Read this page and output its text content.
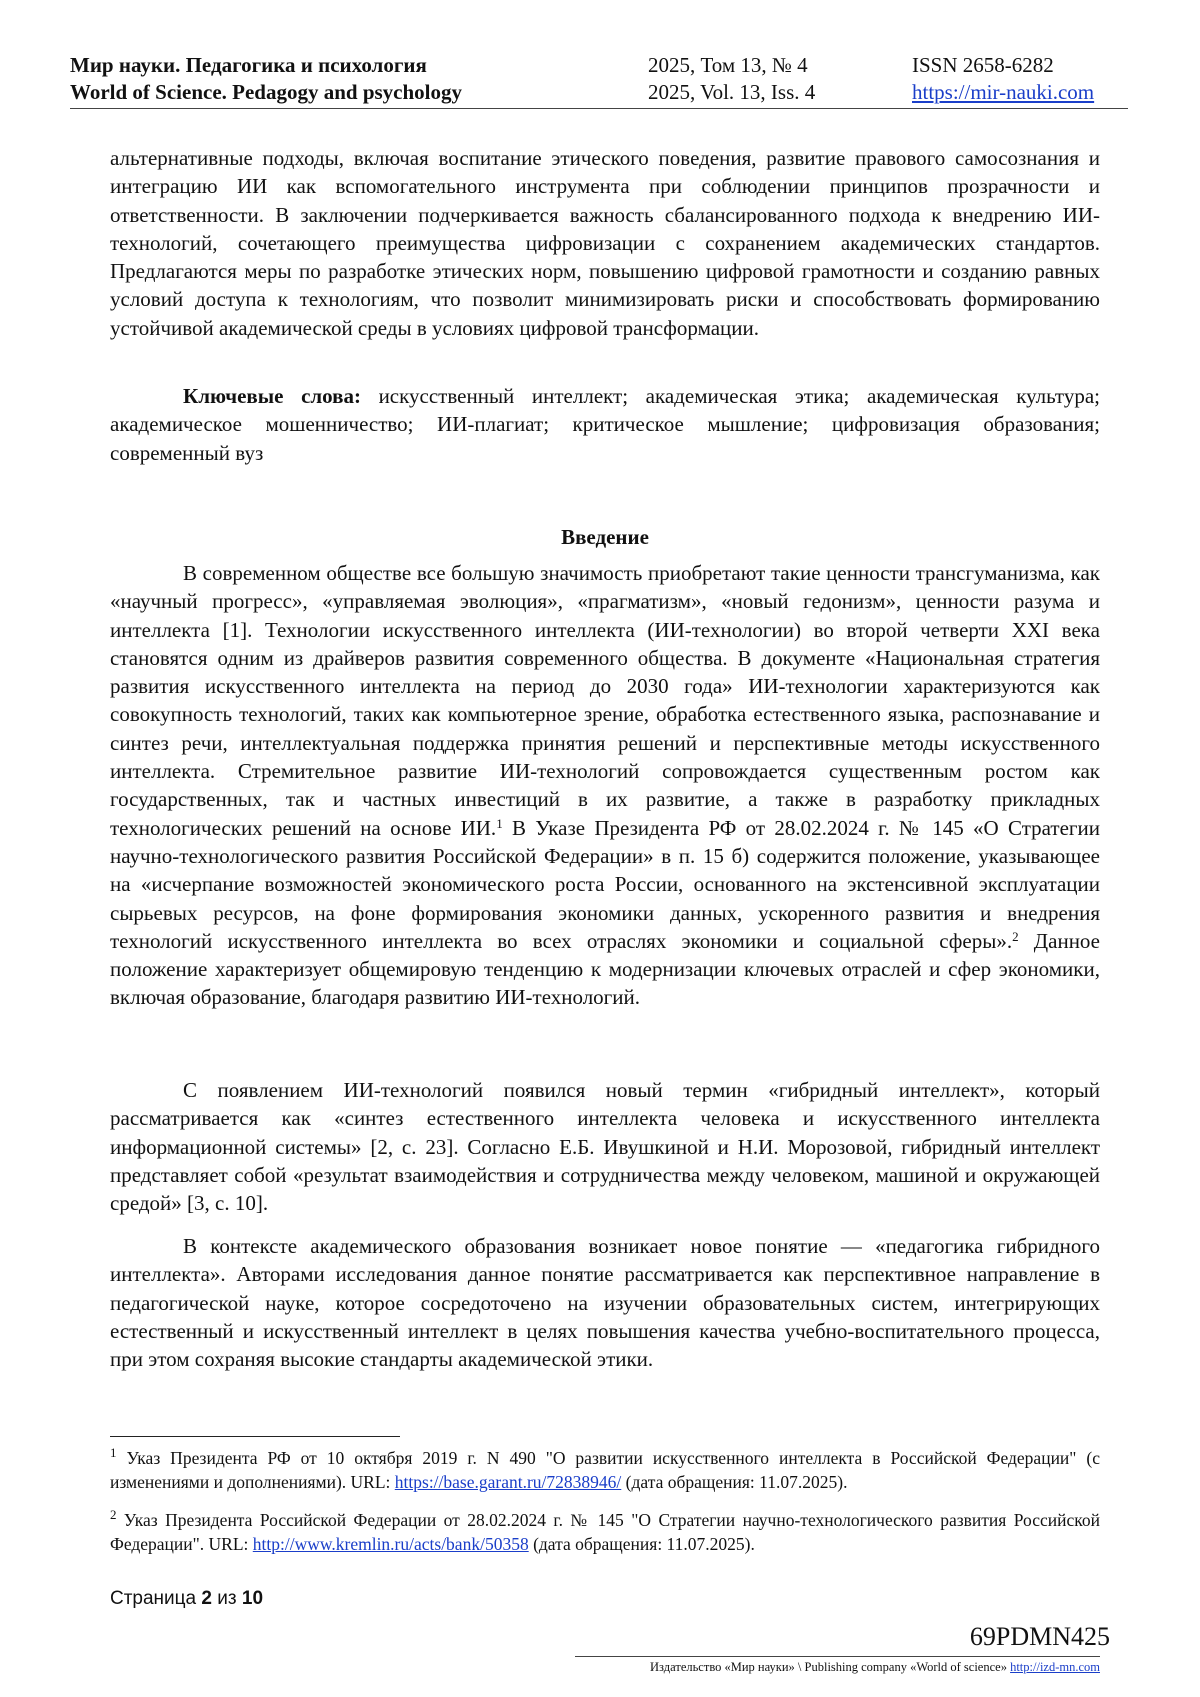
Мир науки. Педагогика и психология
World of Science. Pedagogy and psychology
2025, Том 13, № 4
2025, Vol. 13, Iss. 4
ISSN 2658-6282
https://mir-nauki.com

альтернативные подходы, включая воспитание этического поведения, развитие правового самосознания и интеграцию ИИ как вспомогательного инструмента при соблюдении принципов прозрачности и ответственности. В заключении подчеркивается важность сбалансированного подхода к внедрению ИИ-технологий, сочетающего преимущества цифровизации с сохранением академических стандартов. Предлагаются меры по разработке этических норм, повышению цифровой грамотности и созданию равных условий доступа к технологиям, что позволит минимизировать риски и способствовать формированию устойчивой академической среды в условиях цифровой трансформации.

Ключевые слова: искусственный интеллект; академическая этика; академическая культура; академическое мошенничество; ИИ-плагиат; критическое мышление; цифровизация образования; современный вуз

Введение

В современном обществе все большую значимость приобретают такие ценности трансгуманизма, как «научный прогресс», «управляемая эволюция», «прагматизм», «новый гедонизм», ценности разума и интеллекта [1]. Технологии искусственного интеллекта (ИИ-технологии) во второй четверти XXI века становятся одним из драйверов развития современного общества. В документе «Национальная стратегия развития искусственного интеллекта на период до 2030 года» ИИ-технологии характеризуются как совокупность технологий, таких как компьютерное зрение, обработка естественного языка, распознавание и синтез речи, интеллектуальная поддержка принятия решений и перспективные методы искусственного интеллекта. Стремительное развитие ИИ-технологий сопровождается существенным ростом как государственных, так и частных инвестиций в их развитие, а также в разработку прикладных технологических решений на основе ИИ.$^1$ В Указе Президента РФ от 28.02.2024 г. № 145 «О Стратегии научно-технологического развития Российской Федерации» в п. 15 б) содержится положение, указывающее на «исчерпание возможностей экономического роста России, основанного на экстенсивной эксплуатации сырьевых ресурсов, на фоне формирования экономики данных, ускоренного развития и внедрения технологий искусственного интеллекта во всех отраслях экономики и социальной сферы».$^2$ Данное положение характеризует общемировую тенденцию к модернизации ключевых отраслей и сфер экономики, включая образование, благодаря развитию ИИ-технологий.

С появлением ИИ-технологий появился новый термин «гибридный интеллект», который рассматривается как «синтез естественного интеллекта человека и искусственного интеллекта информационной системы» [2, с. 23]. Согласно Е.Б. Ивушкиной и Н.И. Морозовой, гибридный интеллект представляет собой «результат взаимодействия и сотрудничества между человеком, машиной и окружающей средой» [3, с. 10].

В контексте академического образования возникает новое понятие — «педагогика гибридного интеллекта». Авторами исследования данное понятие рассматривается как перспективное направление в педагогической науке, которое сосредоточено на изучении образовательных систем, интегрирующих естественный и искусственный интеллект в целях повышения качества учебно-воспитательного процесса, при этом сохраняя высокие стандарты академической этики.

$^1$ Указ Президента РФ от 10 октября 2019 г. N 490 "О развитии искусственного интеллекта в Российской Федерации" (с изменениями и дополнениями). URL: https://base.garant.ru/72838946/ (дата обращения: 11.07.2025).

$^2$ Указ Президента Российской Федерации от 28.02.2024 г. № 145 "О Стратегии научно-технологического развития Российской Федерации". URL: http://www.kremlin.ru/acts/bank/50358 (дата обращения: 11.07.2025).

Страница 2 из 10
69PDMN425
Издательство «Мир науки» \ Publishing company «World of science» http://izd-mn.com
